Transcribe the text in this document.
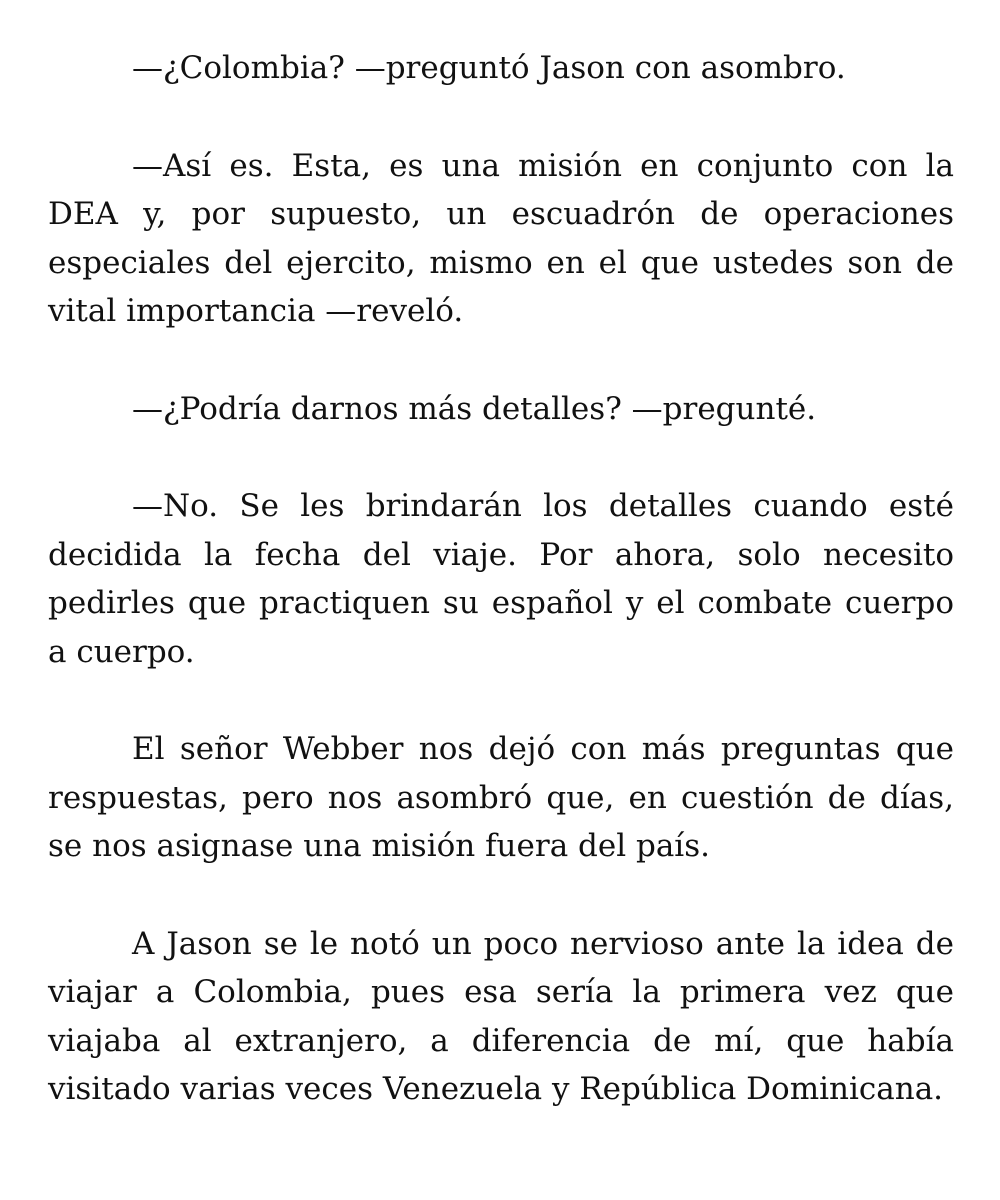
—¿Colombia? —preguntó Jason con asombro.

—Así es. Esta, es una misión en conjunto con la DEA y, por supuesto, un escuadrón de operaciones especiales del ejercito, mismo en el que ustedes son de vital importancia —reveló.

—¿Podría darnos más detalles? —pregunté.

—No. Se les brindarán los detalles cuando esté decidida la fecha del viaje. Por ahora, solo necesito pedirles que practiquen su español y el combate cuerpo a cuerpo.

El señor Webber nos dejó con más preguntas que respuestas, pero nos asombró que, en cuestión de días, se nos asignase una misión fuera del país.

A Jason se le notó un poco nervioso ante la idea de viajar a Colombia, pues esa sería la primera vez que viajaba al extranjero, a diferencia de mí, que había visitado varias veces Venezuela y República Dominicana.
